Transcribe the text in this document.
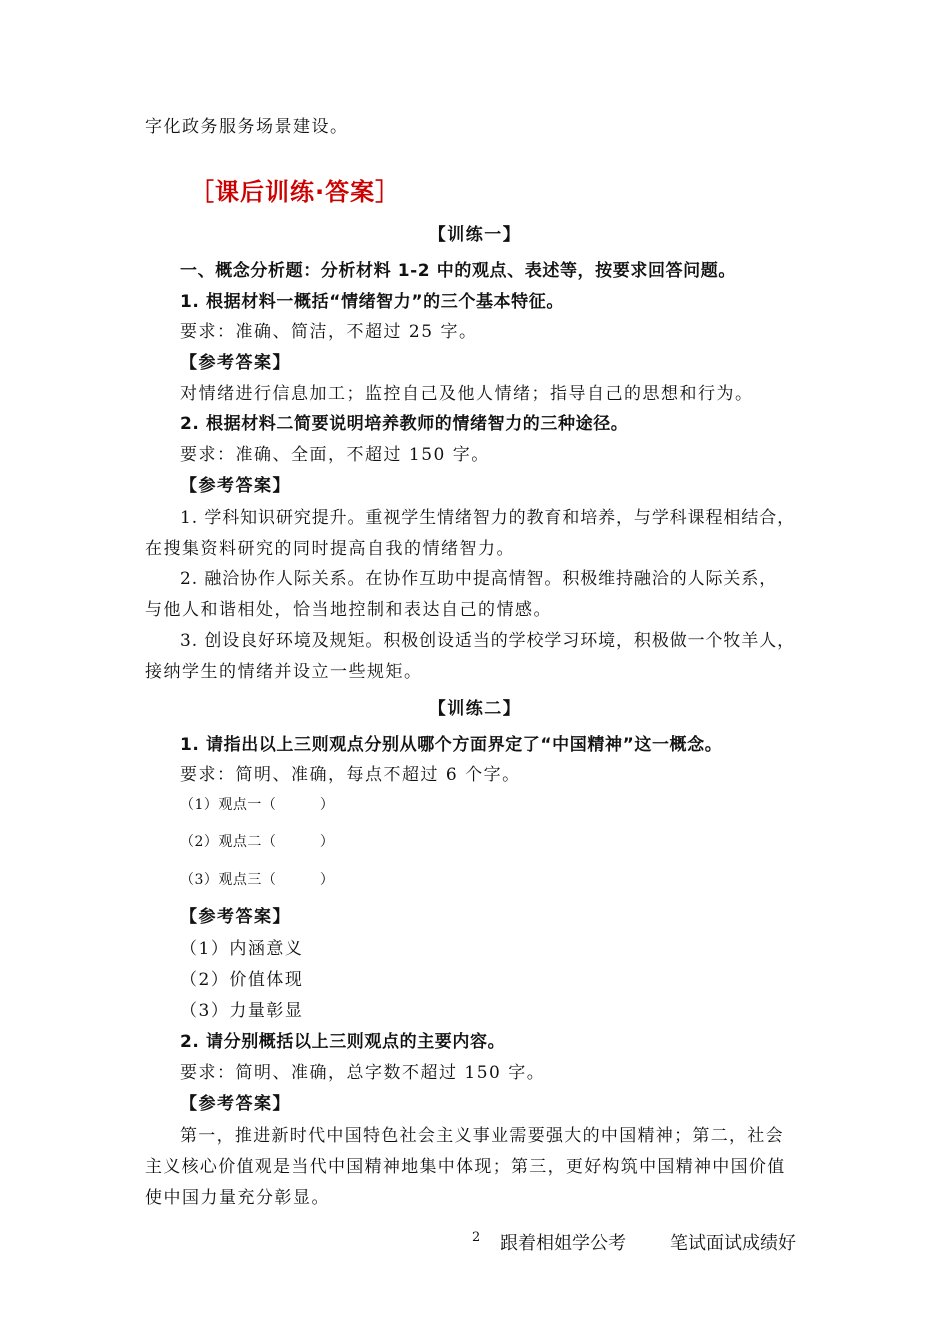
字化政务服务场景建设。
［课后训练·答案］
【训练一】
一、概念分析题：分析材料 1-2 中的观点、表述等，按要求回答问题。
1. 根据材料一概括“情绪智力”的三个基本特征。
要求：准确、简洁，不超过 25 字。
【参考答案】
对情绪进行信息加工；监控自己及他人情绪；指导自己的思想和行为。
2. 根据材料二简要说明培养教师的情绪智力的三种途径。
要求：准确、全面，不超过 150 字。
【参考答案】
1. 学科知识研究提升。重视学生情绪智力的教育和培养，与学科课程相结合，
在搜集资料研究的同时提高自我的情绪智力。
2. 融洽协作人际关系。在协作互助中提高情智。积极维持融洽的人际关系，
与他人和谐相处，恰当地控制和表达自己的情感。
3. 创设良好环境及规矩。积极创设适当的学校学习环境，积极做一个牧羊人，
接纳学生的情绪并设立一些规矩。
【训练二】
1. 请指出以上三则观点分别从哪个方面界定了“中国精神”这一概念。
要求：简明、准确，每点不超过 6 个字。
（1）观点一（　　　）
（2）观点二（　　　）
（3）观点三（　　　）
【参考答案】
（1）内涵意义
（2）价值体现
（3）力量彰显
2. 请分别概括以上三则观点的主要内容。
要求：简明、准确，总字数不超过 150 字。
【参考答案】
第一，推进新时代中国特色社会主义事业需要强大的中国精神；第二，社会
主义核心价值观是当代中国精神地集中体现；第三，更好构筑中国精神中国价值
使中国力量充分彰显。
2 跟着相姐学公考 笔试面试成绩好
